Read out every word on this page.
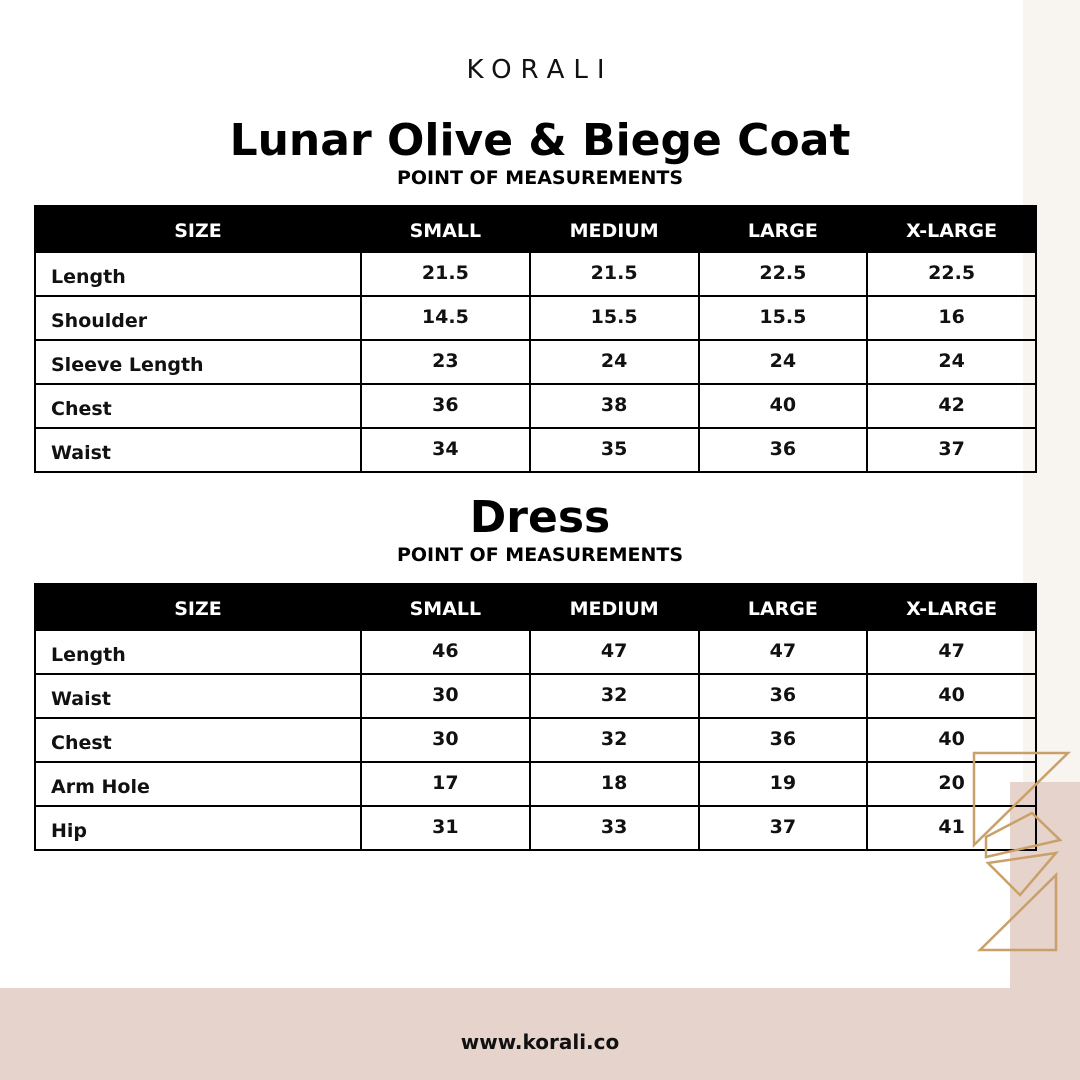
KORALI
Lunar Olive & Biege Coat
POINT OF MEASUREMENTS
SIZE	SMALL	MEDIUM	LARGE	X-LARGE
Length	21.5	21.5	22.5	22.5
Shoulder	14.5	15.5	15.5	16
Sleeve Length	23	24	24	24
Chest	36	38	40	42
Waist	34	35	36	37
Dress
POINT OF MEASUREMENTS
SIZE	SMALL	MEDIUM	LARGE	X-LARGE
Length	46	47	47	47
Waist	30	32	36	40
Chest	30	32	36	40
Arm Hole	17	18	19	20
Hip	31	33	37	41
www.korali.co
